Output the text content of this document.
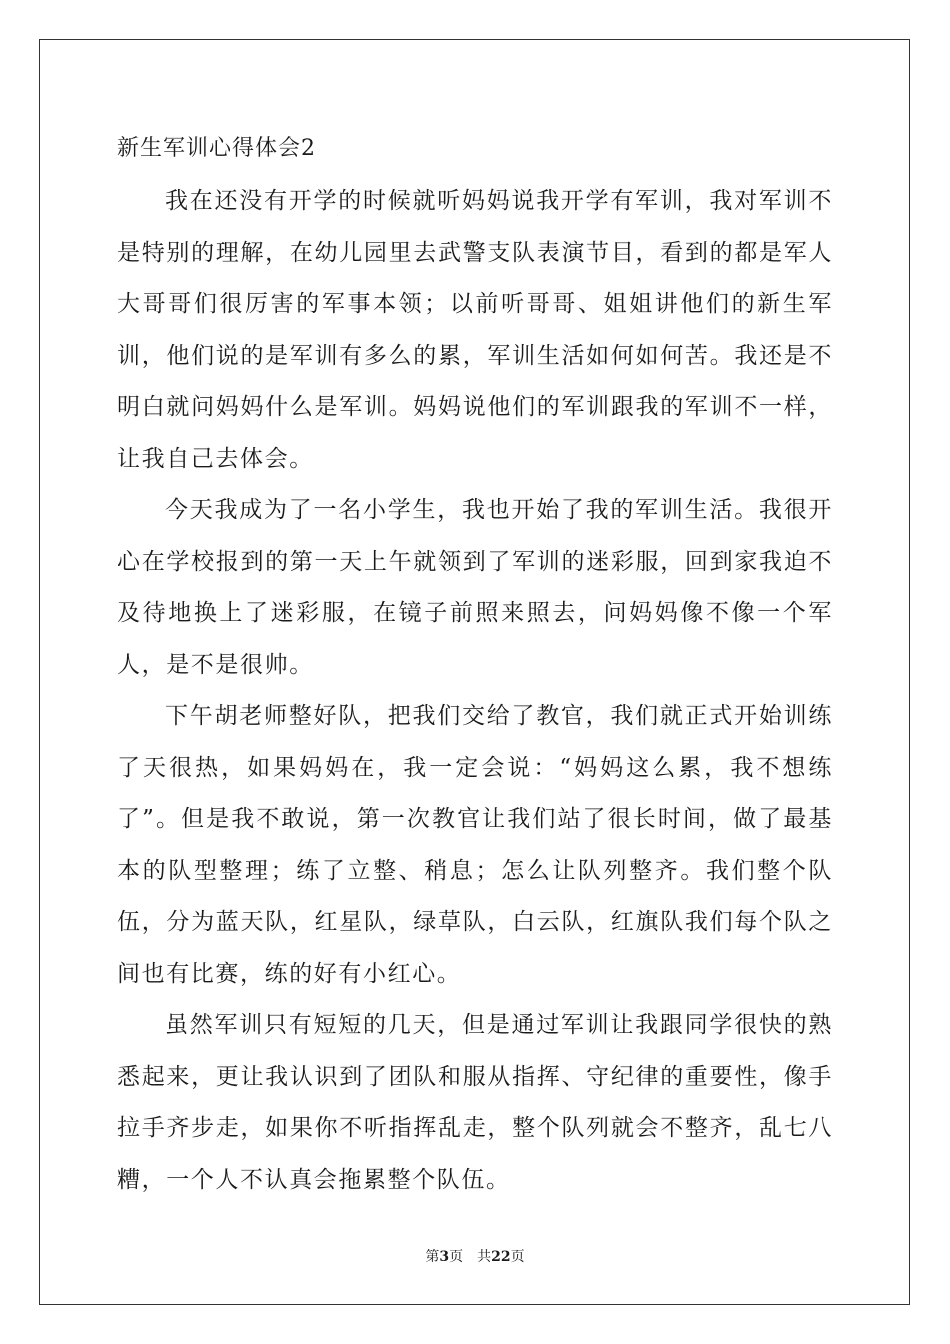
新生军训心得体会2

我在还没有开学的时候就听妈妈说我开学有军训，我对军训不是特别的理解，在幼儿园里去武警支队表演节目，看到的都是军人大哥哥们很厉害的军事本领；以前听哥哥、姐姐讲他们的新生军训，他们说的是军训有多么的累，军训生活如何如何苦。我还是不明白就问妈妈什么是军训。妈妈说他们的军训跟我的军训不一样，让我自己去体会。

今天我成为了一名小学生，我也开始了我的军训生活。我很开心在学校报到的第一天上午就领到了军训的迷彩服，回到家我迫不及待地换上了迷彩服，在镜子前照来照去，问妈妈像不像一个军人，是不是很帅。

下午胡老师整好队，把我们交给了教官，我们就正式开始训练了天很热，如果妈妈在，我一定会说：“妈妈这么累，我不想练了”。但是我不敢说，第一次教官让我们站了很长时间，做了最基本的队型整理；练了立整、稍息；怎么让队列整齐。我们整个队伍，分为蓝天队，红星队，绿草队，白云队，红旗队我们每个队之间也有比赛，练的好有小红心。

虽然军训只有短短的几天，但是通过军训让我跟同学很快的熟悉起来，更让我认识到了团队和服从指挥、守纪律的重要性，像手拉手齐步走，如果你不听指挥乱走，整个队列就会不整齐，乱七八糟，一个人不认真会拖累整个队伍。

第3页 共22页
